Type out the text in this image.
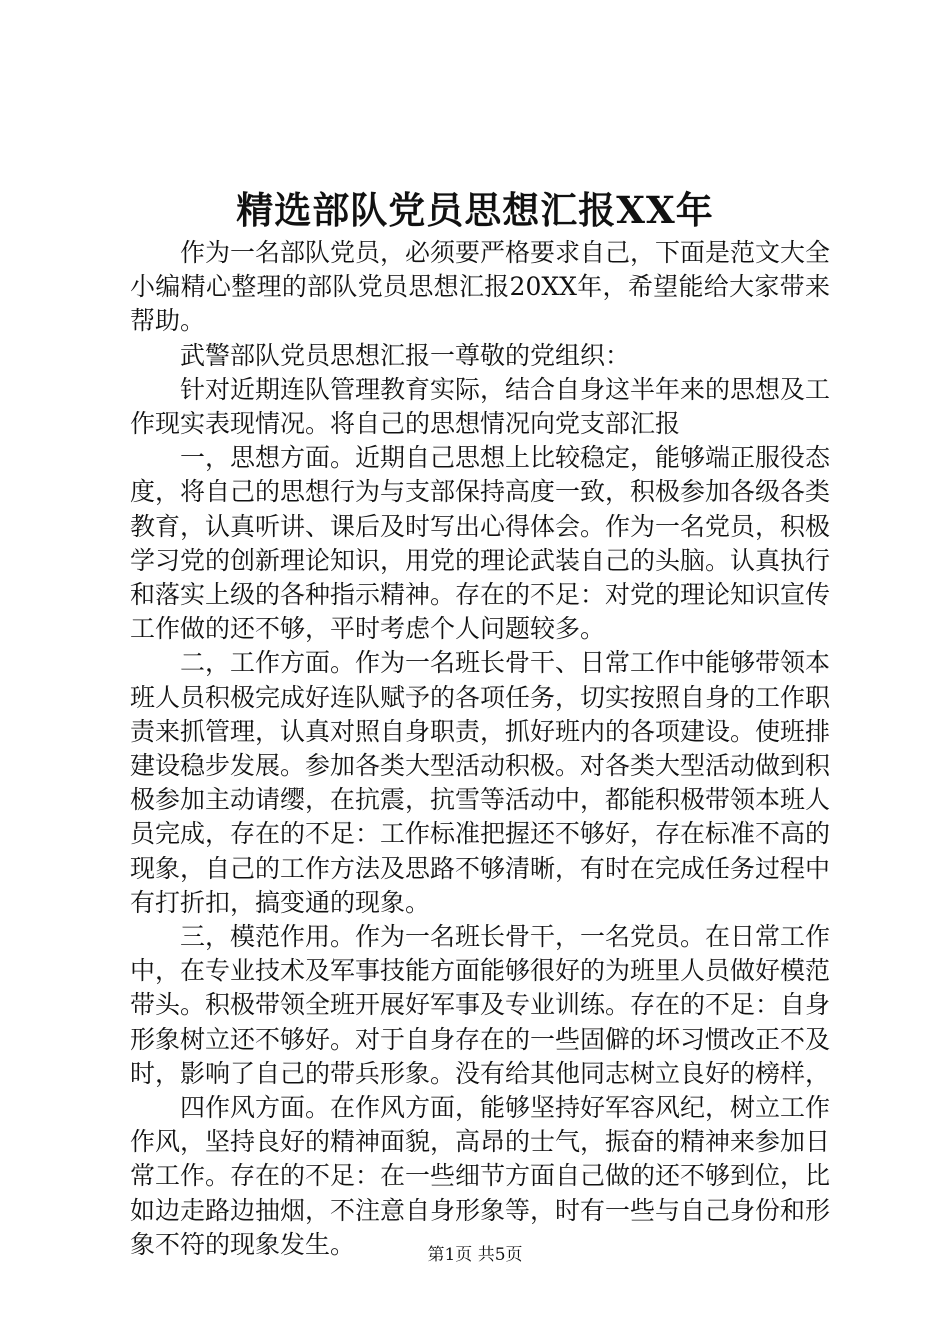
精选部队党员思想汇报XX年

作为一名部队党员，必须要严格要求自己，下面是范文大全小编精心整理的部队党员思想汇报20XX年，希望能给大家带来帮助。

武警部队党员思想汇报一尊敬的党组织：

针对近期连队管理教育实际，结合自身这半年来的思想及工作现实表现情况。将自己的思想情况向党支部汇报

一，思想方面。近期自己思想上比较稳定，能够端正服役态度，将自己的思想行为与支部保持高度一致，积极参加各级各类教育，认真听讲、课后及时写出心得体会。作为一名党员，积极学习党的创新理论知识，用党的理论武装自己的头脑。认真执行和落实上级的各种指示精神。存在的不足：对党的理论知识宣传工作做的还不够，平时考虑个人问题较多。

二，工作方面。作为一名班长骨干、日常工作中能够带领本班人员积极完成好连队赋予的各项任务，切实按照自身的工作职责来抓管理，认真对照自身职责，抓好班内的各项建设。使班排建设稳步发展。参加各类大型活动积极。对各类大型活动做到积极参加主动请缨，在抗震，抗雪等活动中，都能积极带领本班人员完成，存在的不足：工作标准把握还不够好，存在标准不高的现象，自己的工作方法及思路不够清晰，有时在完成任务过程中有打折扣，搞变通的现象。

三，模范作用。作为一名班长骨干，一名党员。在日常工作中，在专业技术及军事技能方面能够很好的为班里人员做好模范带头。积极带领全班开展好军事及专业训练。存在的不足：自身形象树立还不够好。对于自身存在的一些固僻的坏习惯改正不及时，影响了自己的带兵形象。没有给其他同志树立良好的榜样，

四作风方面。在作风方面，能够坚持好军容风纪，树立工作作风，坚持良好的精神面貌，高昂的士气，振奋的精神来参加日常工作。存在的不足：在一些细节方面自己做的还不够到位，比如边走路边抽烟，不注意自身形象等，时有一些与自己身份和形象不符的现象发生。	第1页 共5页
